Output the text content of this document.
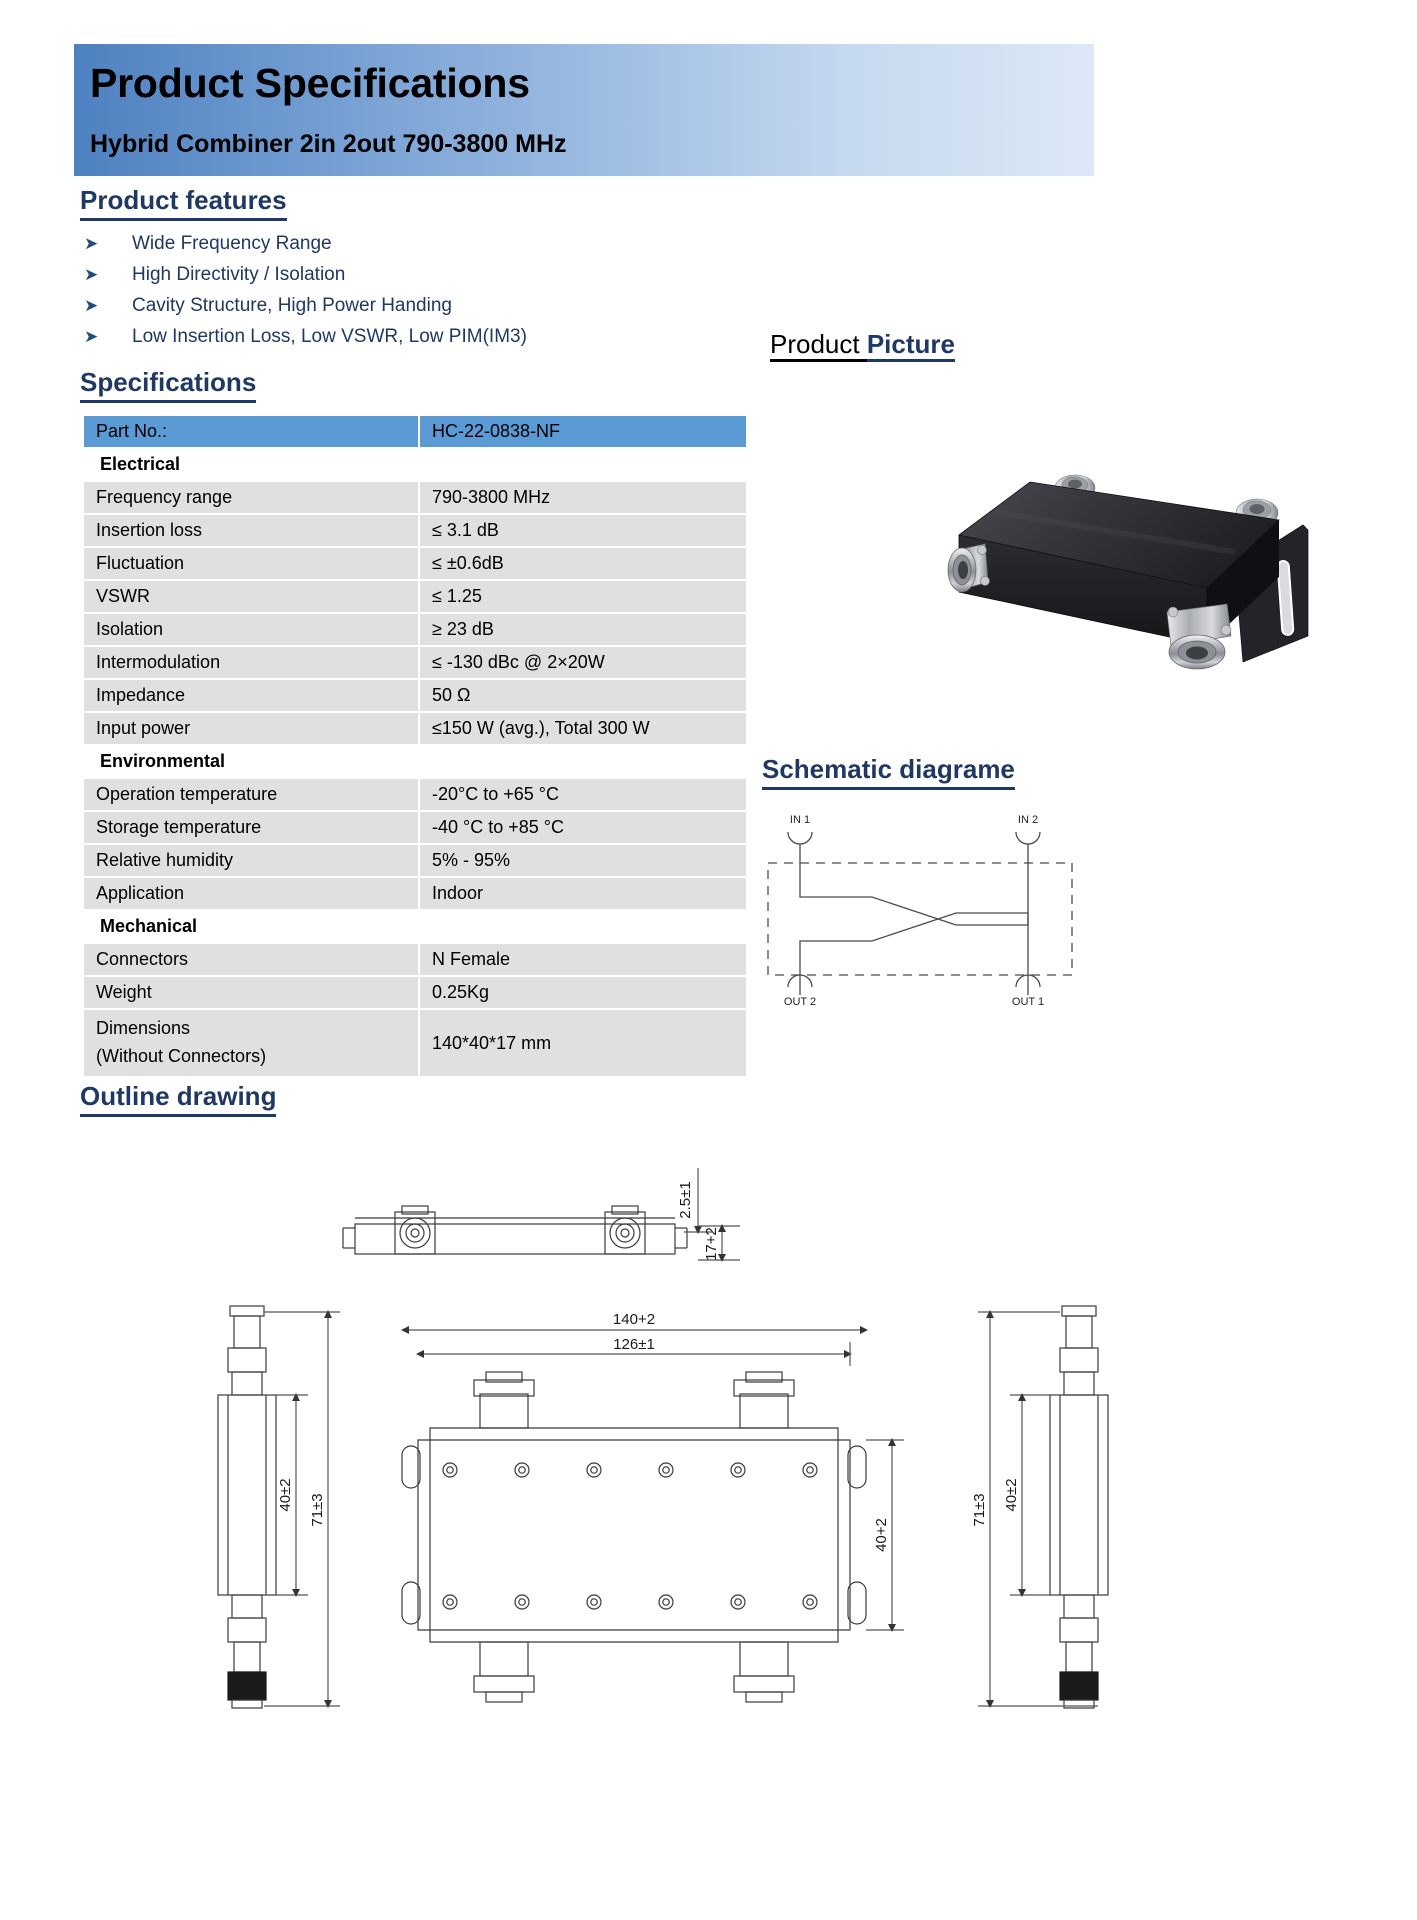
Product Specifications
Hybrid Combiner 2in 2out 790-3800 MHz
Product features
➤	Wide Frequency Range
➤	High Directivity / Isolation
➤	Cavity Structure, High Power Handing
➤	Low Insertion Loss, Low VSWR, Low PIM(IM3)	Product Picture
Specifications
Part No.:	HC-22-0838-NF
Electrical	
Frequency range	790-3800 MHz
Insertion loss	≤ 3.1 dB
Fluctuation	≤ ±0.6dB
VSWR	≤ 1.25
Isolation	≥ 23 dB
Intermodulation	≤ -130 dBc @ 2×20W
Impedance	50 Ω
Input power	≤150 W (avg.), Total 300 W
Environmental	
Operation temperature	-20°C to +65 °C
Storage temperature	-40 °C to +85 °C
Relative humidity	5% - 95%
Application	Indoor
Mechanical	
Connectors	N Female
Weight	0.25Kg

Dimensions
(Without Connectors)	140*40*17 mm
Schematic diagrame
IN 1	IN 2
OUT 2	OUT 1
Outline drawing
2.5±1
17+2
140+2
126±1
40+2
40±2 71±3	71±3 40±2
